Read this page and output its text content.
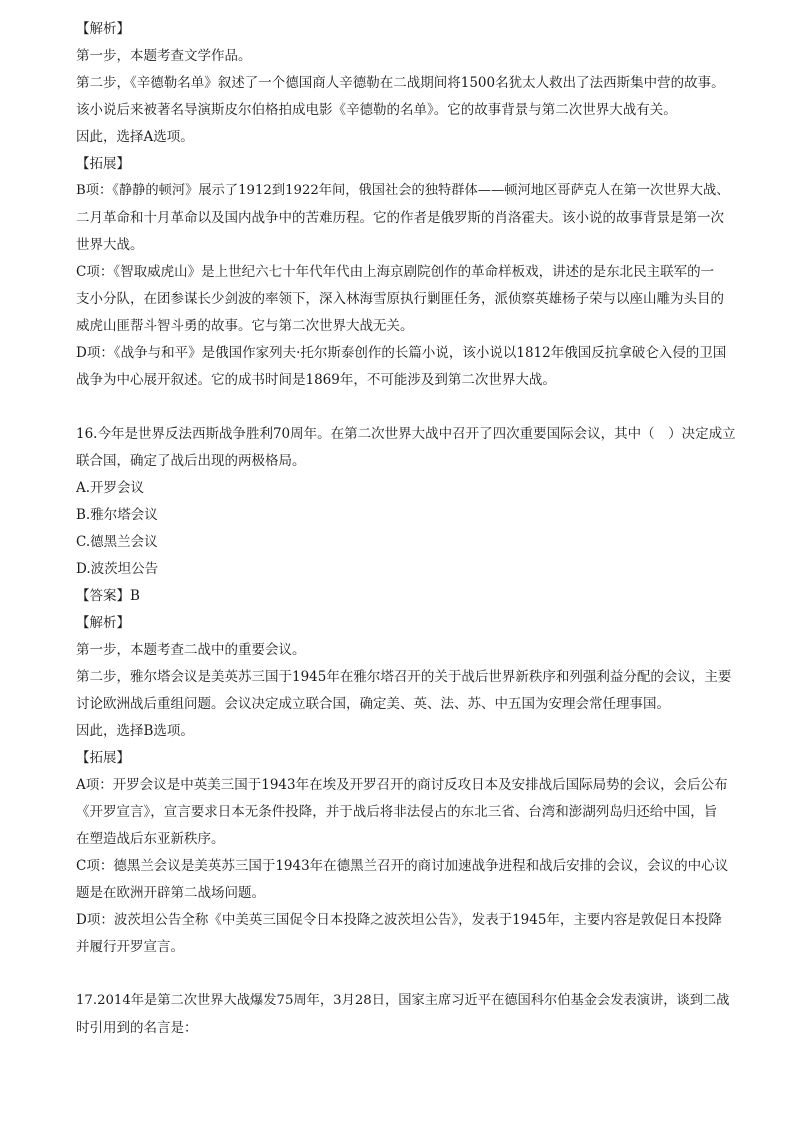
【解析】
第一步，本题考查文学作品。
第二步，《辛德勒名单》叙述了一个德国商人辛德勒在二战期间将1500名犹太人救出了法西斯集中营的故事。
该小说后来被著名导演斯皮尔伯格拍成电影《辛德勒的名单》。它的故事背景与第二次世界大战有关。
因此，选择A选项。
【拓展】
B项：《静静的顿河》展示了1912到1922年间，俄国社会的独特群体——顿河地区哥萨克人在第一次世界大战、
二月革命和十月革命以及国内战争中的苦难历程。它的作者是俄罗斯的肖洛霍夫。该小说的故事背景是第一次
世界大战。
C项：《智取威虎山》是上世纪六七十年代年代由上海京剧院创作的革命样板戏，讲述的是东北民主联军的一
支小分队，在团参谋长少剑波的率领下，深入林海雪原执行剿匪任务，派侦察英雄杨子荣与以座山雕为头目的
威虎山匪帮斗智斗勇的故事。它与第二次世界大战无关。
D项：《战争与和平》是俄国作家列夫·托尔斯泰创作的长篇小说，该小说以1812年俄国反抗拿破仑入侵的卫国
战争为中心展开叙述。它的成书时间是1869年，不可能涉及到第二次世界大战。
16.今年是世界反法西斯战争胜利70周年。在第二次世界大战中召开了四次重要国际会议，其中（　）决定成立
联合国，确定了战后出现的两极格局。
A.开罗会议
B.雅尔塔会议
C.德黑兰会议
D.波茨坦公告
【答案】B
【解析】
第一步，本题考查二战中的重要会议。
第二步，雅尔塔会议是美英苏三国于1945年在雅尔塔召开的关于战后世界新秩序和列强利益分配的会议，主要
讨论欧洲战后重组问题。会议决定成立联合国，确定美、英、法、苏、中五国为安理会常任理事国。
因此，选择B选项。
【拓展】
A项：开罗会议是中英美三国于1943年在埃及开罗召开的商讨反攻日本及安排战后国际局势的会议，会后公布
《开罗宣言》，宣言要求日本无条件投降，并于战后将非法侵占的东北三省、台湾和澎湖列岛归还给中国，旨
在塑造战后东亚新秩序。
C项：德黑兰会议是美英苏三国于1943年在德黑兰召开的商讨加速战争进程和战后安排的会议，会议的中心议
题是在欧洲开辟第二战场问题。
D项：波茨坦公告全称《中美英三国促令日本投降之波茨坦公告》，发表于1945年，主要内容是敦促日本投降
并履行开罗宣言。
17.2014年是第二次世界大战爆发75周年，3月28日，国家主席习近平在德国科尔伯基金会发表演讲，谈到二战
时引用到的名言是：
